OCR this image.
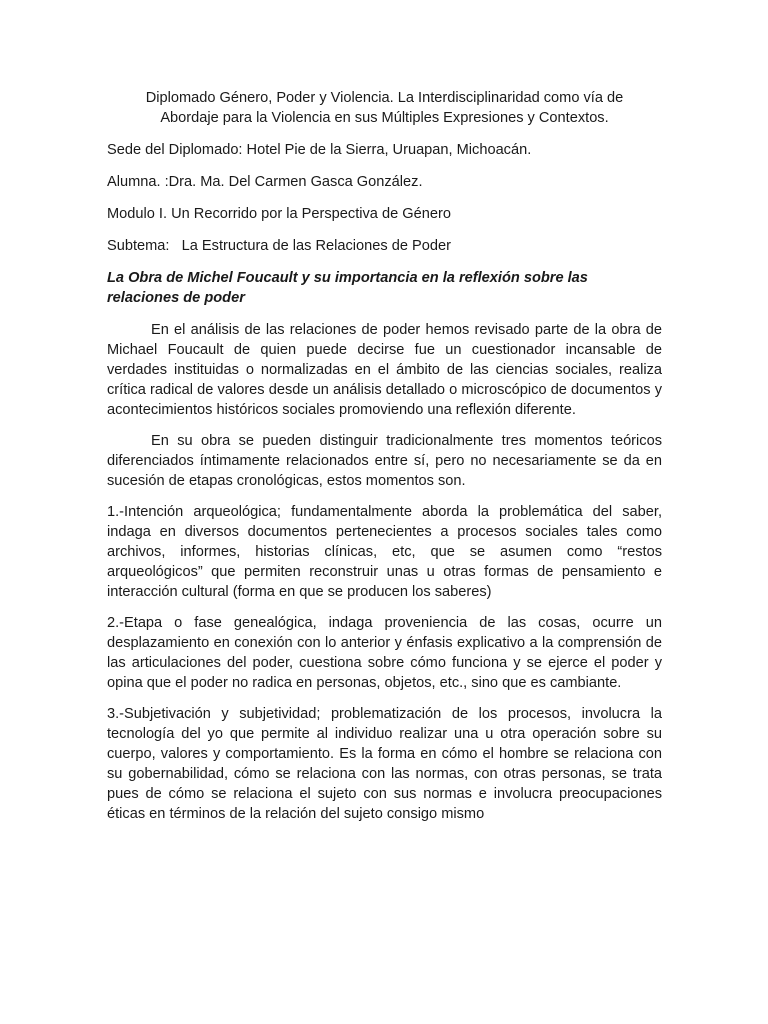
Diplomado Género, Poder y Violencia. La Interdisciplinaridad como vía de
Abordaje para la Violencia en sus Múltiples Expresiones y Contextos.
Sede del Diplomado: Hotel Pie de la Sierra, Uruapan, Michoacán.
Alumna. :Dra. Ma. Del Carmen Gasca González.
Modulo I. Un Recorrido por la Perspectiva de Género
Subtema:   La Estructura de las Relaciones de Poder
La Obra de Michel Foucault y su importancia en la reflexión sobre las relaciones de poder

En el análisis de las relaciones de poder hemos revisado parte de la obra de Michael Foucault de quien puede decirse fue un cuestionador incansable de verdades instituidas o normalizadas en el ámbito de las ciencias sociales, realiza crítica radical de valores desde un análisis detallado o microscópico de documentos y acontecimientos históricos sociales promoviendo una reflexión diferente.

En su obra se pueden distinguir tradicionalmente tres momentos teóricos diferenciados íntimamente relacionados entre sí, pero no necesariamente se da en sucesión de etapas cronológicas, estos momentos son.

1.-Intención arqueológica; fundamentalmente aborda la problemática del saber, indaga en diversos documentos pertenecientes a procesos sociales tales como archivos, informes, historias clínicas, etc, que se asumen como “restos arqueológicos” que permiten reconstruir unas u otras formas de pensamiento e interacción cultural (forma en que se producen los saberes)

2.-Etapa o fase genealógica, indaga proveniencia de las cosas, ocurre un desplazamiento en conexión con lo anterior y énfasis explicativo a la comprensión de las articulaciones del poder, cuestiona sobre cómo funciona y se ejerce el poder y opina que el poder no radica en personas, objetos, etc., sino que es cambiante.

3.-Subjetivación y subjetividad; problematización de los procesos, involucra la tecnología del yo que permite al individuo realizar una u otra operación sobre su cuerpo, valores y comportamiento. Es la forma en cómo el hombre se relaciona con su gobernabilidad, cómo se relaciona con las normas, con otras personas, se trata pues de cómo se relaciona el sujeto con sus normas e involucra preocupaciones éticas en términos de la relación del sujeto consigo mismo
